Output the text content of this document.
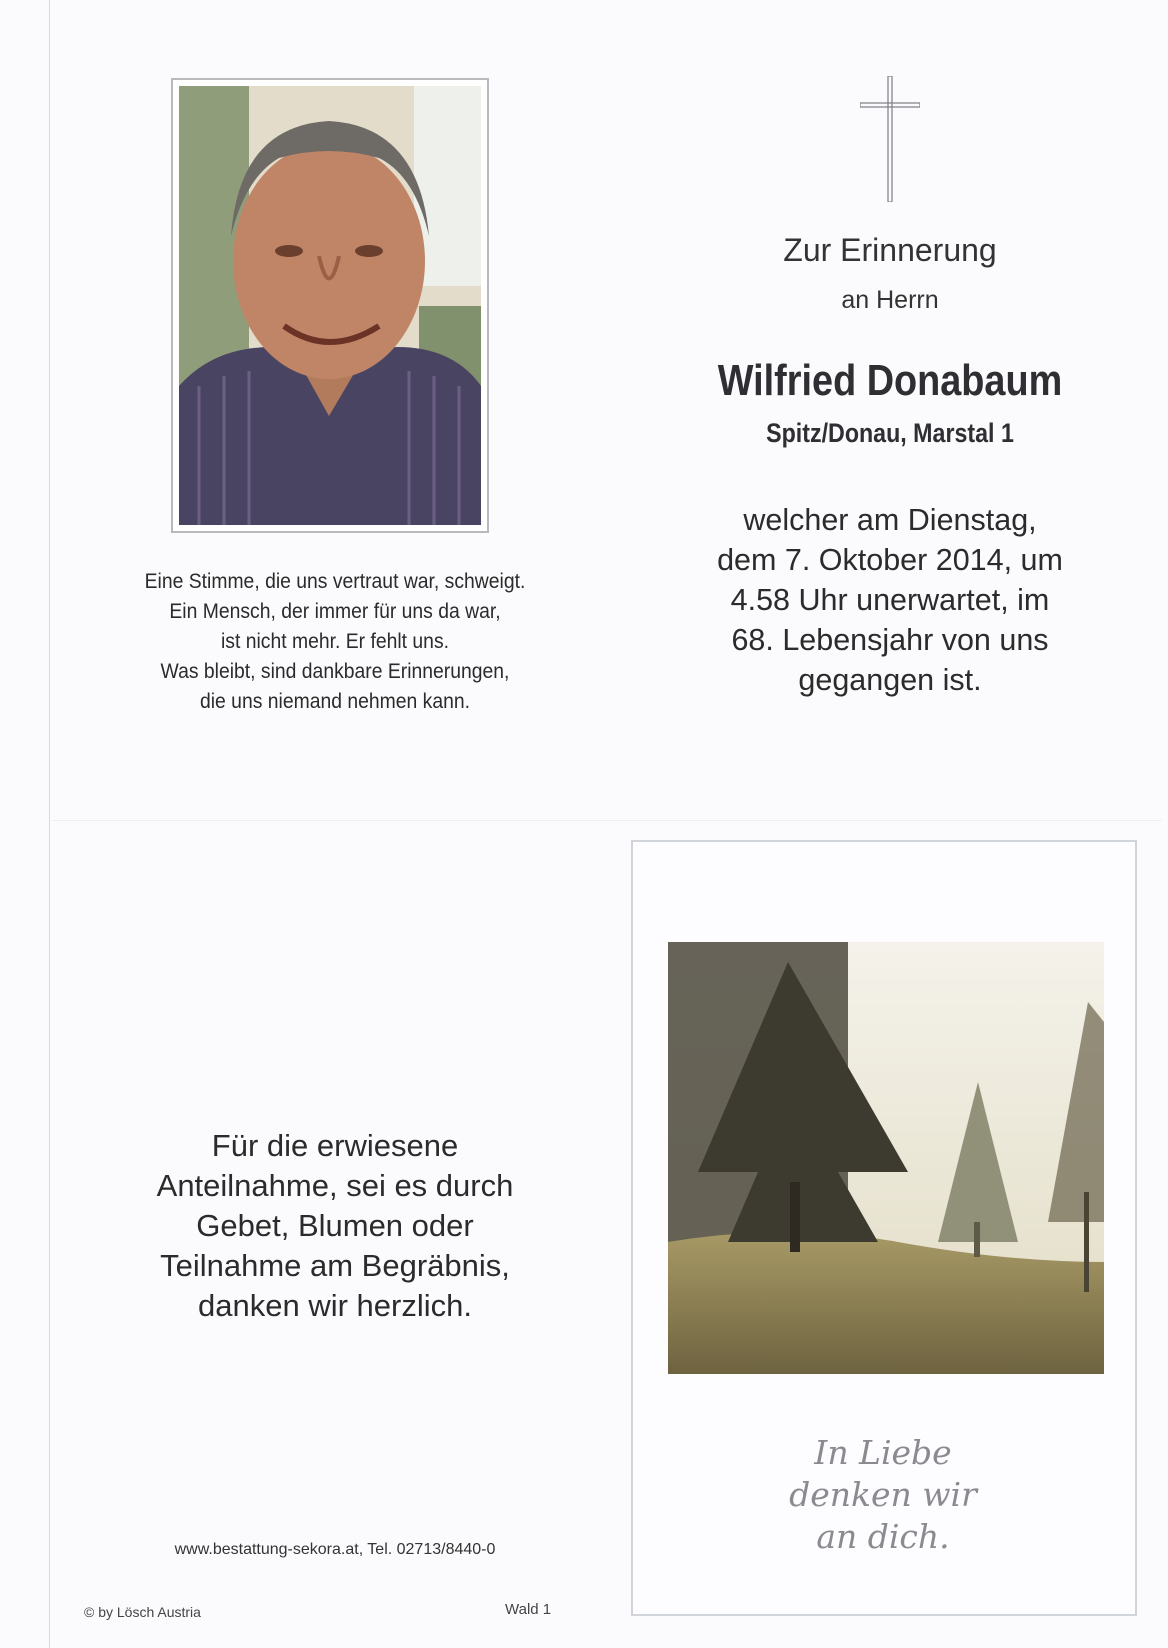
Zur Erinnerung
an Herrn
Wilfried Donabaum
Spitz/Donau, Marstal 1
welcher am Dienstag,
dem 7. Oktober 2014, um
4.58 Uhr unerwartet, im
68. Lebensjahr von uns
gegangen ist.
Eine Stimme, die uns vertraut war, schweigt.
Ein Mensch, der immer für uns da war,
ist nicht mehr. Er fehlt uns.
Was bleibt, sind dankbare Erinnerungen,
die uns niemand nehmen kann.
Für die erwiesene
Anteilnahme, sei es durch
Gebet, Blumen oder
Teilnahme am Begräbnis,
danken wir herzlich.
www.bestattung-sekora.at, Tel. 02713/8440-0
© by Lösch Austria	Wald 1
In Liebe
denken wir
an dich.
